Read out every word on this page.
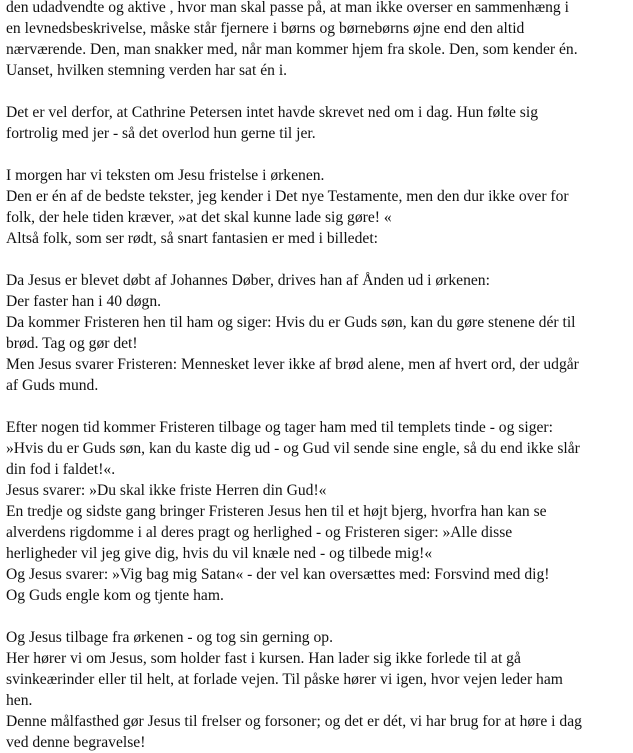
den udadvendte og aktive , hvor man skal passe på, at man ikke overser en sammenhæng i
en levnedsbeskrivelse, måske står fjernere i børns og børnebørns øjne end den altid
nærværende. Den, man snakker med, når man kommer hjem fra skole. Den, som kender én.
Uanset, hvilken stemning verden har sat én i.
Det er vel derfor, at Cathrine Petersen intet havde skrevet ned om i dag. Hun følte sig
fortrolig med jer - så det overlod hun gerne til jer.
I morgen har vi teksten om Jesu fristelse i ørkenen.
Den er én af de bedste tekster, jeg kender i Det nye Testamente, men den dur ikke over for
folk, der hele tiden kræver, »at det skal kunne lade sig gøre! «
Altså folk, som ser rødt, så snart fantasien er med i billedet:
Da Jesus er blevet døbt af Johannes Døber, drives han af Ånden ud i ørkenen:
Der faster han i 40 døgn.
Da kommer Fristeren hen til ham og siger: Hvis du er Guds søn, kan du gøre stenene dér til
brød. Tag og gør det!
Men Jesus svarer Fristeren: Mennesket lever ikke af brød alene, men af hvert ord, der udgår
af Guds mund.
Efter nogen tid kommer Fristeren tilbage og tager ham med til templets tinde - og siger:
»Hvis du er Guds søn, kan du kaste dig ud - og Gud vil sende sine engle, så du end ikke slår
din fod i faldet!«.
Jesus svarer: »Du skal ikke friste Herren din Gud!«
En tredje og sidste gang bringer Fristeren Jesus hen til et højt bjerg, hvorfra han kan se
alverdens rigdomme i al deres pragt og herlighed - og Fristeren siger: »Alle disse
herligheder vil jeg give dig, hvis du vil knæle ned - og tilbede mig!«
Og Jesus svarer: »Vig bag mig Satan« - der vel kan oversættes med: Forsvind med dig!
Og Guds engle kom og tjente ham.
Og Jesus tilbage fra ørkenen - og tog sin gerning op.
Her hører vi om Jesus, som holder fast i kursen. Han lader sig ikke forlede til at gå
svinkeærinder eller til helt, at forlade vejen. Til påske hører vi igen, hvor vejen leder ham
hen.
Denne målfasthed gør Jesus til frelser og forsoner; og det er dét, vi har brug for at høre i dag
ved denne begravelse!
